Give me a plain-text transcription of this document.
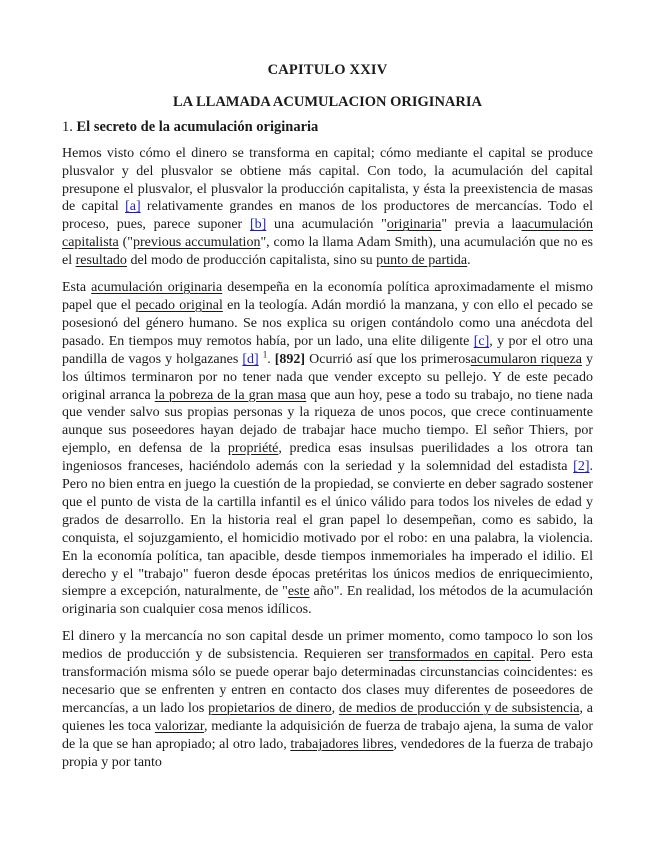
CAPITULO XXIV
LA LLAMADA ACUMULACION ORIGINARIA
1. El secreto de la acumulación originaria

Hemos visto cómo el dinero se transforma en capital; cómo mediante el capital se produce plusvalor y del plusvalor se obtiene más capital. Con todo, la acumulación del capital presupone el plusvalor, el plusvalor la producción capitalista, y ésta la preexistencia de masas de capital [a] relativamente grandes en manos de los productores de mercancías. Todo el proceso, pues, parece suponer [b] una acumulación "originaria" previa a laacumulación capitalista ("previous accumulation", como la llama Adam Smith), una acumulación que no es el resultado del modo de producción capitalista, sino su punto de partida.

Esta acumulación originaria desempeña en la economía política aproximadamente el mismo papel que el pecado original en la teología. Adán mordió la manzana, y con ello el pecado se posesionó del género humano. Se nos explica su origen contándolo como una anécdota del pasado. En tiempos muy remotos había, por un lado, una elite diligente [c], y por el otro una pandilla de vagos y holgazanes [d] $^1$. [892] Ocurrió así que los primerosacumularon riqueza y los últimos terminaron por no tener nada que vender excepto su pellejo. Y de este pecado original arranca la pobreza de la gran masa que aun hoy, pese a todo su trabajo, no tiene nada que vender salvo sus propias personas y la riqueza de unos pocos, que crece continuamente aunque sus poseedores hayan dejado de trabajar hace mucho tiempo. El señor Thiers, por ejemplo, en defensa de la propriété, predica esas insulsas puerilidades a los otrora tan ingeniosos franceses, haciéndolo además con la seriedad y la solemnidad del estadista [2]. Pero no bien entra en juego la cuestión de la propiedad, se convierte en deber sagrado sostener que el punto de vista de la cartilla infantil es el único válido para todos los niveles de edad y grados de desarrollo. En la historia real el gran papel lo desempeñan, como es sabido, la conquista, el sojuzgamiento, el homicidio motivado por el robo: en una palabra, la violencia. En la economía política, tan apacible, desde tiempos inmemoriales ha imperado el idilio. El derecho y el "trabajo" fueron desde épocas pretéritas los únicos medios de enriquecimiento, siempre a excepción, naturalmente, de "este año". En realidad, los métodos de la acumulación originaria son cualquier cosa menos idílicos.

El dinero y la mercancía no son capital desde un primer momento, como tampoco lo son los medios de producción y de subsistencia. Requieren ser transformados en capital. Pero esta transformación misma sólo se puede operar bajo determinadas circunstancias coincidentes: es necesario que se enfrenten y entren en contacto dos clases muy diferentes de poseedores de mercancías, a un lado los propietarios de dinero, de medios de producción y de subsistencia, a quienes les toca valorizar, mediante la adquisición de fuerza de trabajo ajena, la suma de valor de la que se han apropiado; al otro lado, trabajadores libres, vendedores de la fuerza de trabajo propia y por tanto
